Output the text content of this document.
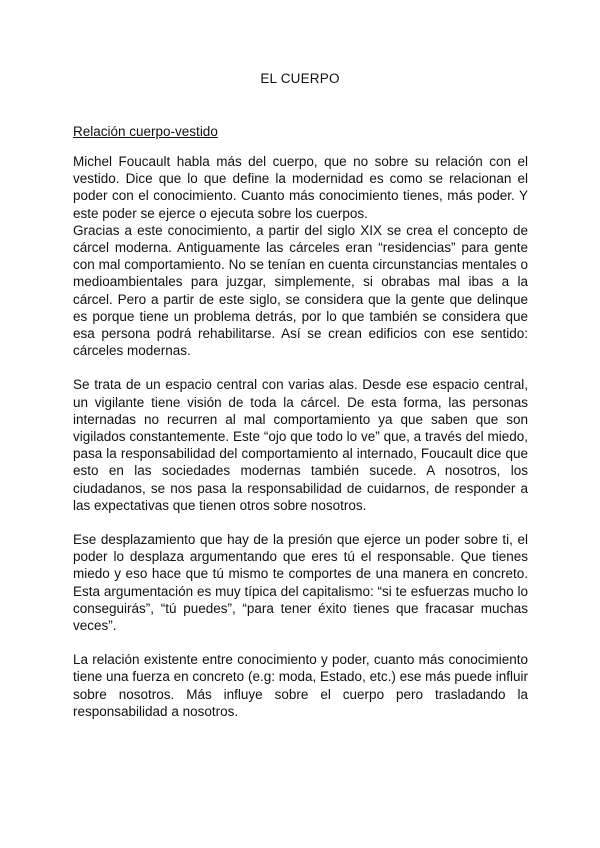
EL CUERPO
Relación cuerpo-vestido

Michel Foucault habla más del cuerpo, que no sobre su relación con el vestido. Dice que lo que define la modernidad es como se relacionan el poder con el conocimiento. Cuanto más conocimiento tienes, más poder. Y este poder se ejerce o ejecuta sobre los cuerpos.

Gracias a este conocimiento, a partir del siglo XIX se crea el concepto de cárcel moderna. Antiguamente las cárceles eran “residencias” para gente con mal comportamiento. No se tenían en cuenta circunstancias mentales o medioambientales para juzgar, simplemente, si obrabas mal ibas a la cárcel. Pero a partir de este siglo, se considera que la gente que delinque es porque tiene un problema detrás, por lo que también se considera que esa persona podrá rehabilitarse. Así se crean edificios con ese sentido: cárceles modernas.

Se trata de un espacio central con varias alas. Desde ese espacio central, un vigilante tiene visión de toda la cárcel. De esta forma, las personas internadas no recurren al mal comportamiento ya que saben que son vigilados constantemente. Este “ojo que todo lo ve” que, a través del miedo, pasa la responsabilidad del comportamiento al internado, Foucault dice que esto en las sociedades modernas también sucede. A nosotros, los ciudadanos, se nos pasa la responsabilidad de cuidarnos, de responder a las expectativas que tienen otros sobre nosotros.

Ese desplazamiento que hay de la presión que ejerce un poder sobre ti, el poder lo desplaza argumentando que eres tú el responsable. Que tienes miedo y eso hace que tú mismo te comportes de una manera en concreto. Esta argumentación es muy típica del capitalismo: “si te esfuerzas mucho lo conseguirás”, “tú puedes”, “para tener éxito tienes que fracasar muchas veces”.

La relación existente entre conocimiento y poder, cuanto más conocimiento tiene una fuerza en concreto (e.g: moda, Estado, etc.) ese más puede influir sobre nosotros. Más influye sobre el cuerpo pero trasladando la responsabilidad a nosotros.
